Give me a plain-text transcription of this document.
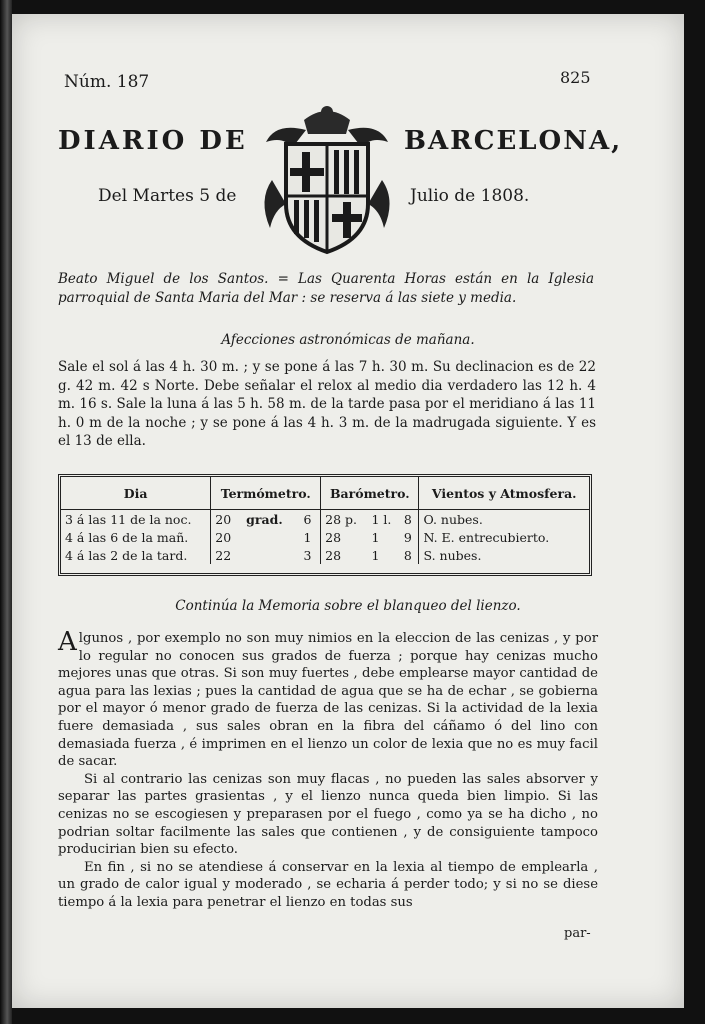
Núm. 187	825
DIARIO DE	BARCELONA,
Del Martes 5 de	Julio de 1808.
Beato Miguel de los Santos. = Las Quarenta Horas están en la Iglesia parroquial de Santa Maria del Mar : se reserva á las siete y media.
Afecciones astronómicas de mañana.
Sale el sol á las 4 h. 30 m. ; y se pone á las 7 h. 30 m. Su declinacion es de 22 g. 42 m. 42 s Norte. Debe señalar el relox al medio dia verdadero las 12 h. 4 m. 16 s. Sale la luna á las 5 h. 58 m. de la tarde pasa por el meridiano á las 11 h. 0 m de la noche ; y se pone á las 4 h. 3 m. de la madrugada siguiente. Y es el 13 de ella.
Dia	Termómetro.			Barómetro.			Vientos y Atmosfera.
3 á las 11 de la noc.	20	grad.	6	28 p.	1 l.	8	O. nubes.
4 á las 6 de la mañ.	20		1	28	1	9	N. E. entrecubierto.
4 á las 2 de la tard.	22		3	28	1	8	S. nubes.
Continúa la Memoria sobre el blanqueo del lienzo.

Algunos , por exemplo no son muy nimios en la eleccion de las cenizas , y por lo regular no conocen sus grados de fuerza ; porque hay cenizas mucho mejores unas que otras. Si son muy fuertes , debe emplearse mayor cantidad de agua para las lexias ; pues la cantidad de agua que se ha de echar , se gobierna por el mayor ó menor grado de fuerza de las cenizas. Si la actividad de la lexia fuere demasiada , sus sales obran en la fibra del cáñamo ó del lino con demasiada fuerza , é imprimen en el lienzo un color de lexia que no es muy facil de sacar.

Si al contrario las cenizas son muy flacas , no pueden las sales absorver y separar las partes grasientas , y el lienzo nunca queda bien limpio. Si las cenizas no se escogiesen y preparasen por el fuego , como ya se ha dicho , no podrian soltar facilmente las sales que contienen , y de consiguiente tampoco producirian bien su efecto.

En fin , si no se atendiese á conservar en la lexia al tiempo de emplearla , un grado de calor igual y moderado , se echaria á perder todo; y si no se diese tiempo á la lexia para penetrar el lienzo en todas sus

par-
